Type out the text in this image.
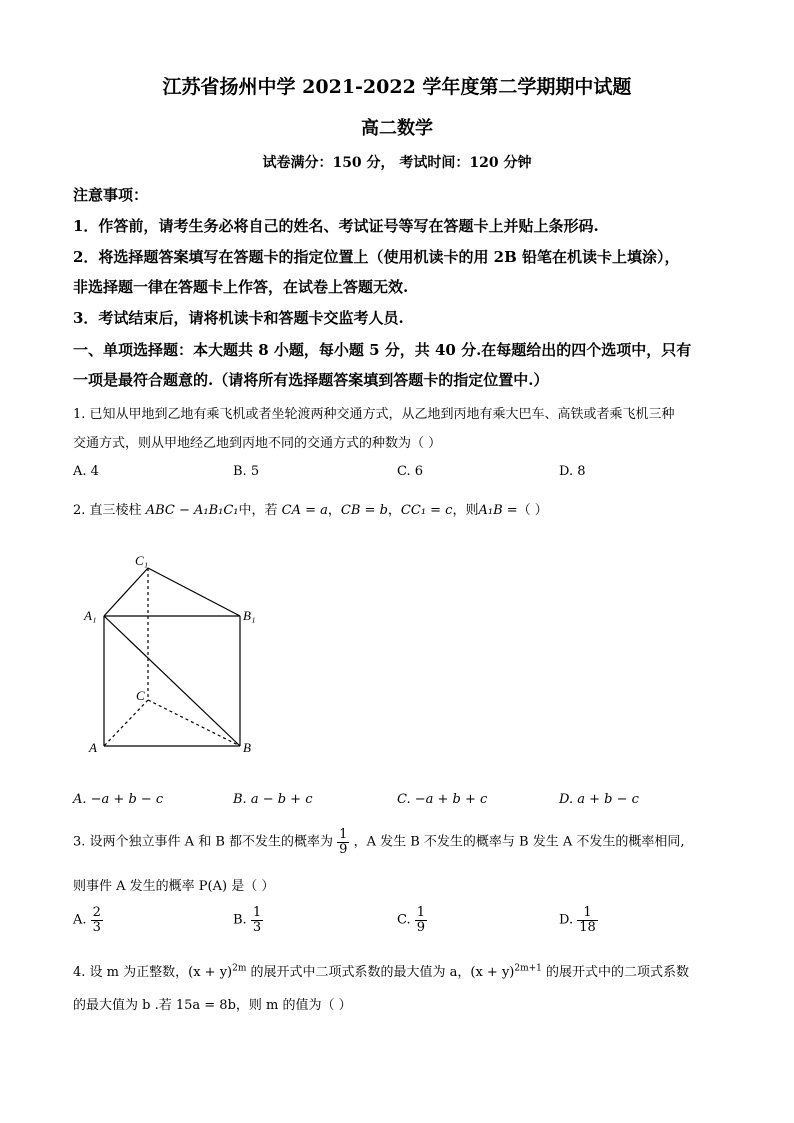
江苏省扬州中学 2021-2022 学年度第二学期期中试题
高二数学
试卷满分：150 分， 考试时间：120 分钟
注意事项：
1．作答前，请考生务必将自己的姓名、考试证号等写在答题卡上并贴上条形码.
2．将选择题答案填写在答题卡的指定位置上（使用机读卡的用 2B 铅笔在机读卡上填涂），
非选择题一律在答题卡上作答，在试卷上答题无效.
3．考试结束后，请将机读卡和答题卡交监考人员.
一、单项选择题：本大题共 8 小题，每小题 5 分，共 40 分.在每题给出的四个选项中，只有
一项是最符合题意的.（请将所有选择题答案填到答题卡的指定位置中.）
1. 已知从甲地到乙地有乘飞机或者坐轮渡两种交通方式，从乙地到丙地有乘大巴车、高铁或者乘飞机三种
交通方式，则从甲地经乙地到丙地不同的交通方式的种数为（ ）
A. 4	B. 5	C. 6	D. 8
2. 直三棱柱 ABC − A₁B₁C₁中，若 CA = a，CB = b，CC₁ = c，则A₁B =（ ）
C₁
A₁	B₁
C
A	B
A. −a + b − c	B. a − b + c	C. −a + b + c	D. a + b − c
3. 设两个独立事件 A 和 B 都不发生的概率为 $\frac{1}{9}$ ，A 发生 B 不发生的概率与 B 发生 A 不发生的概率相同,
则事件 A 发生的概率 P(A) 是（ ）
A. $\frac{2}{3}$	B. $\frac{1}{3}$	C. $\frac{1}{9}$	D. $\frac{1}{18}$
4. 设 m 为正整数，$(x + y)^{2m}$ 的展开式中二项式系数的最大值为 a，$(x + y)^{2m+1}$ 的展开式中的二项式系数
的最大值为 b .若 15a = 8b，则 m 的值为（ ）
